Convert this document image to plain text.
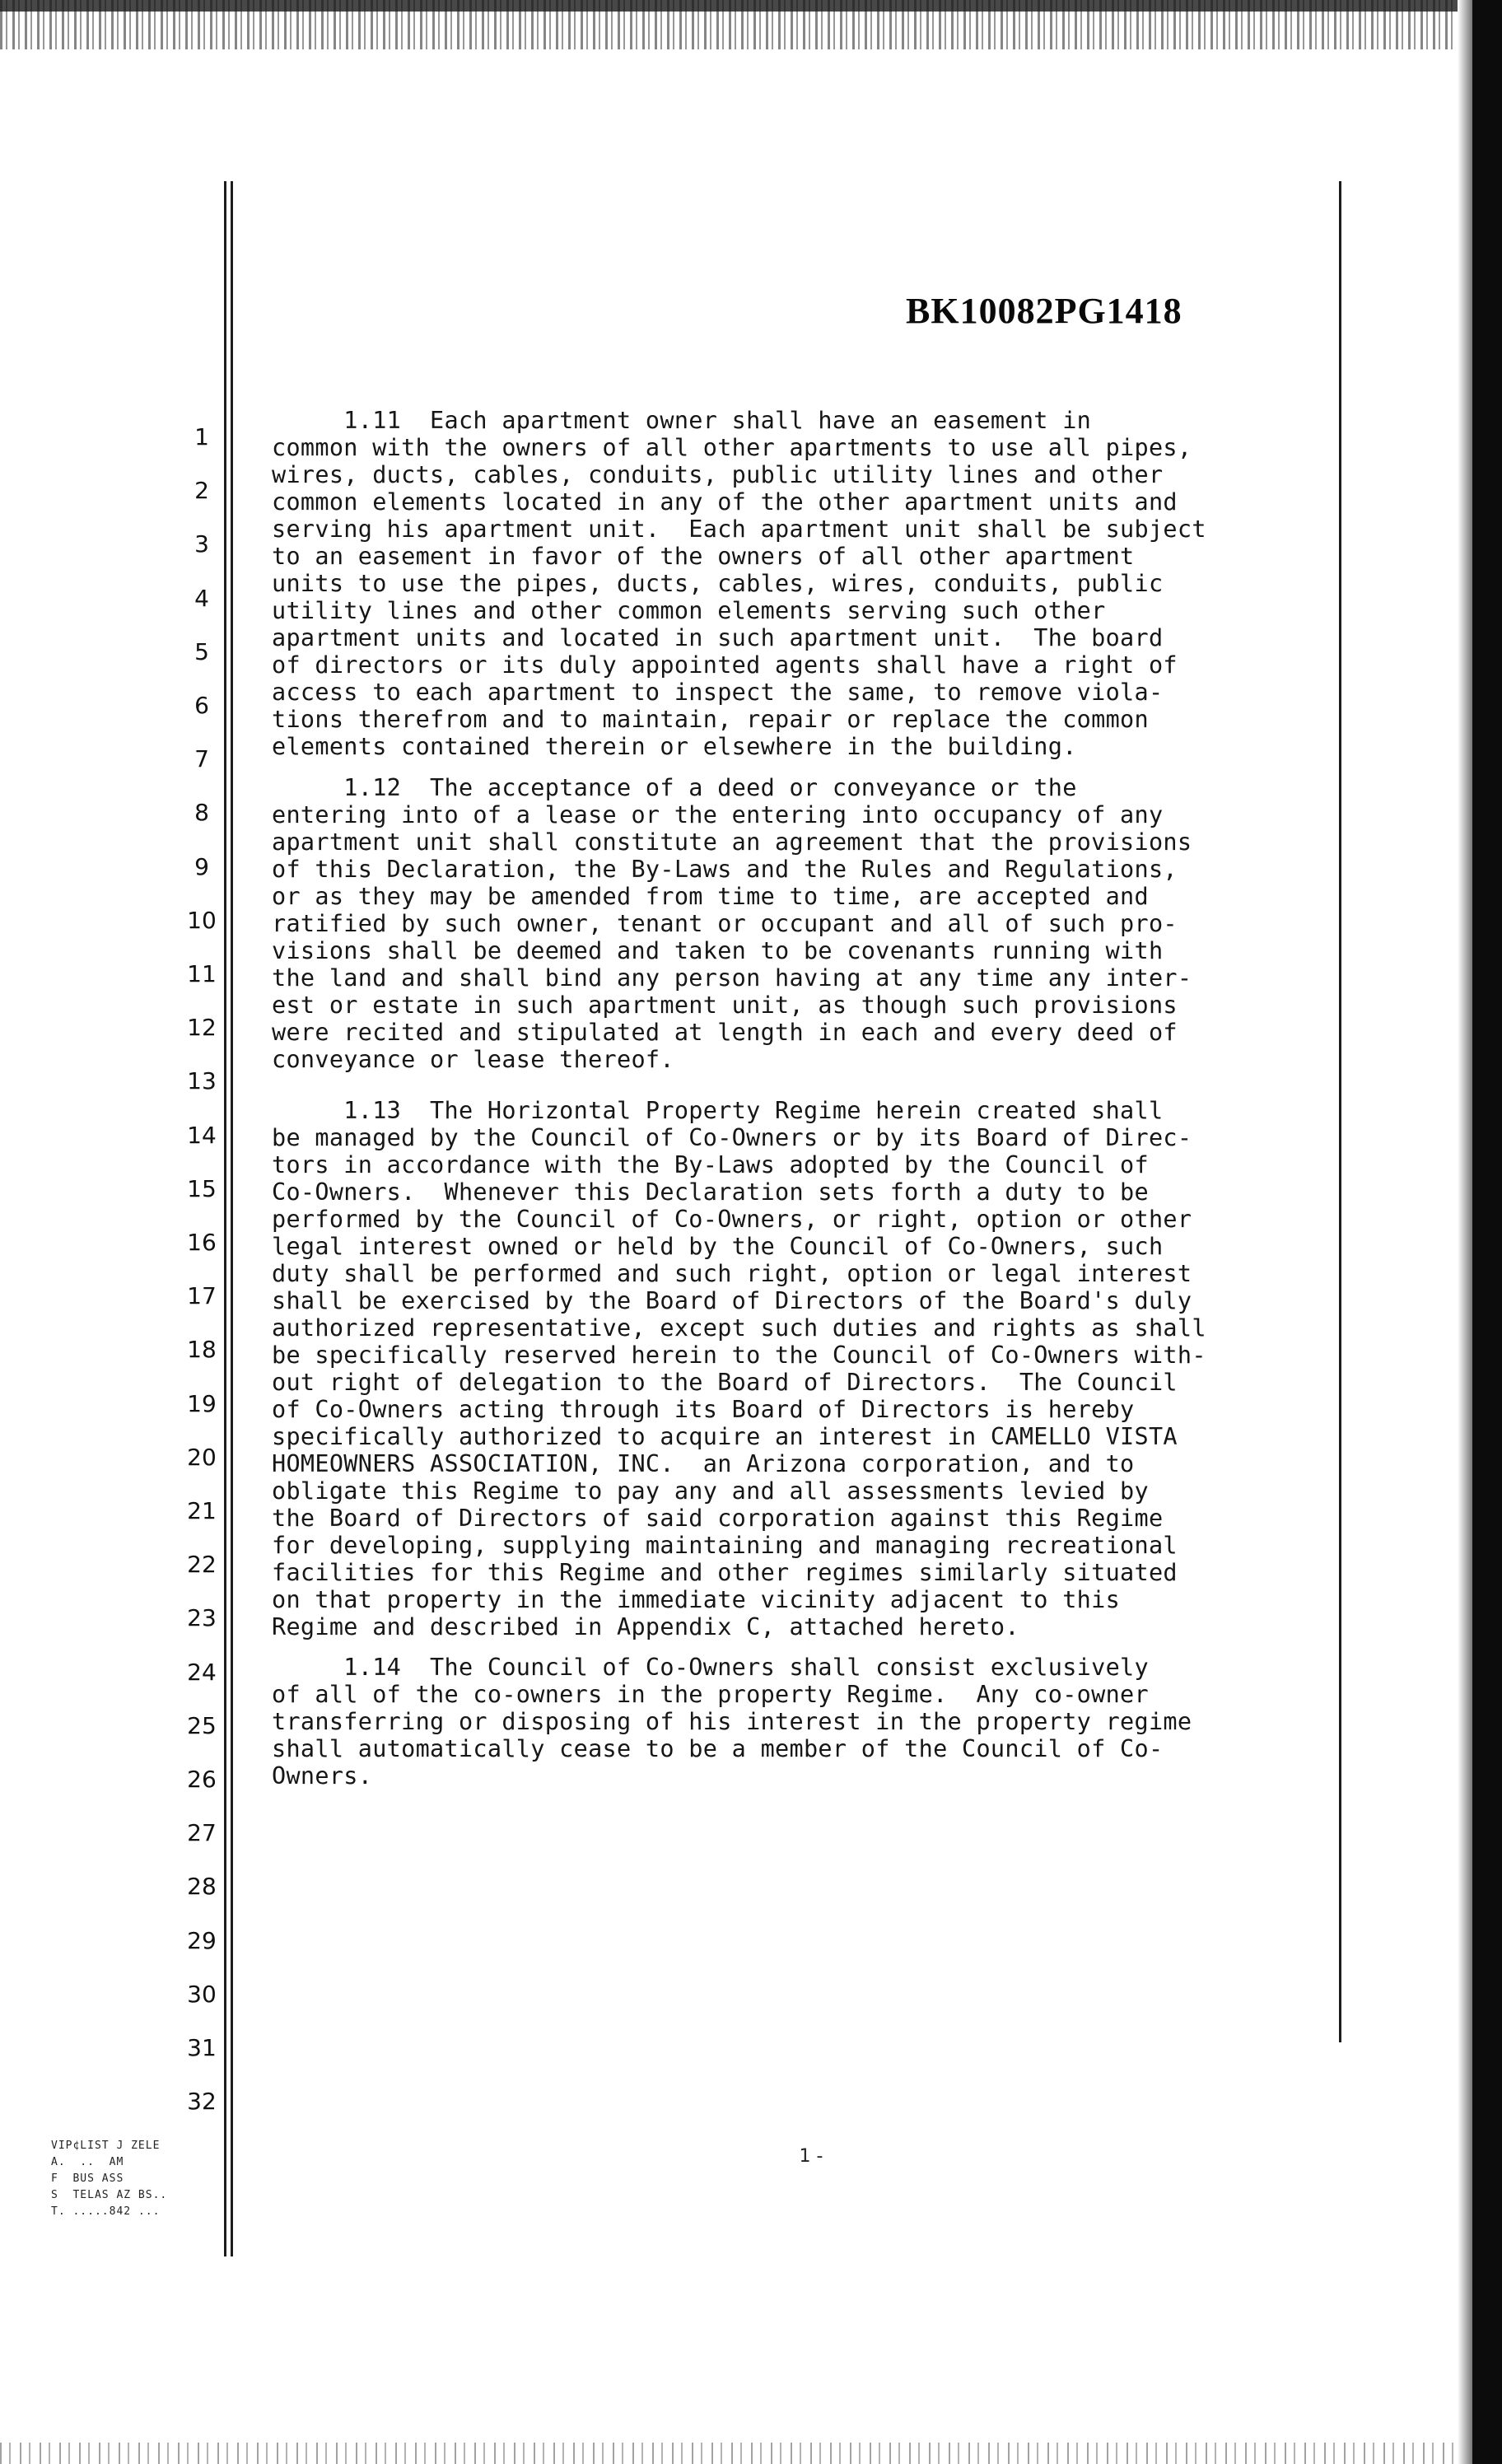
BK10082PG1418
1
2
3
4
5
6
7
8
9
10
11
12
13
14
15
16
17
18
19
20
21
22
23
24
25
26
27
28
29
30
31
32
1.11  Each apartment owner shall have an easement in
common with the owners of all other apartments to use all pipes,
wires, ducts, cables, conduits, public utility lines and other
common elements located in any of the other apartment units and
serving his apartment unit.  Each apartment unit shall be subject
to an easement in favor of the owners of all other apartment
units to use the pipes, ducts, cables, wires, conduits, public
utility lines and other common elements serving such other
apartment units and located in such apartment unit.  The board
of directors or its duly appointed agents shall have a right of
access to each apartment to inspect the same, to remove viola-
tions therefrom and to maintain, repair or replace the common
elements contained therein or elsewhere in the building.
1.12  The acceptance of a deed or conveyance or the
entering into of a lease or the entering into occupancy of any
apartment unit shall constitute an agreement that the provisions
of this Declaration, the By-Laws and the Rules and Regulations,
or as they may be amended from time to time, are accepted and
ratified by such owner, tenant or occupant and all of such pro-
visions shall be deemed and taken to be covenants running with
the land and shall bind any person having at any time any inter-
est or estate in such apartment unit, as though such provisions
were recited and stipulated at length in each and every deed of
conveyance or lease thereof.
1.13  The Horizontal Property Regime herein created shall
be managed by the Council of Co-Owners or by its Board of Direc-
tors in accordance with the By-Laws adopted by the Council of
Co-Owners.  Whenever this Declaration sets forth a duty to be
performed by the Council of Co-Owners, or right, option or other
legal interest owned or held by the Council of Co-Owners, such
duty shall be performed and such right, option or legal interest
shall be exercised by the Board of Directors of the Board's duly
authorized representative, except such duties and rights as shall
be specifically reserved herein to the Council of Co-Owners with-
out right of delegation to the Board of Directors.  The Council
of Co-Owners acting through its Board of Directors is hereby
specifically authorized to acquire an interest in CAMELLO VISTA
HOMEOWNERS ASSOCIATION, INC.  an Arizona corporation, and to
obligate this Regime to pay any and all assessments levied by
the Board of Directors of said corporation against this Regime
for developing, supplying maintaining and managing recreational
facilities for this Regime and other regimes similarly situated
on that property in the immediate vicinity adjacent to this
Regime and described in Appendix C, attached hereto.
1.14  The Council of Co-Owners shall consist exclusively
of all of the co-owners in the property Regime.  Any co-owner
transferring or disposing of his interest in the property regime
shall automatically cease to be a member of the Council of Co-
Owners.
VIP¢LIST J ZELE
A.  ..  AM
F  BUS ASS
S  TELAS AZ BS..
T. .....842 ...
1 -
